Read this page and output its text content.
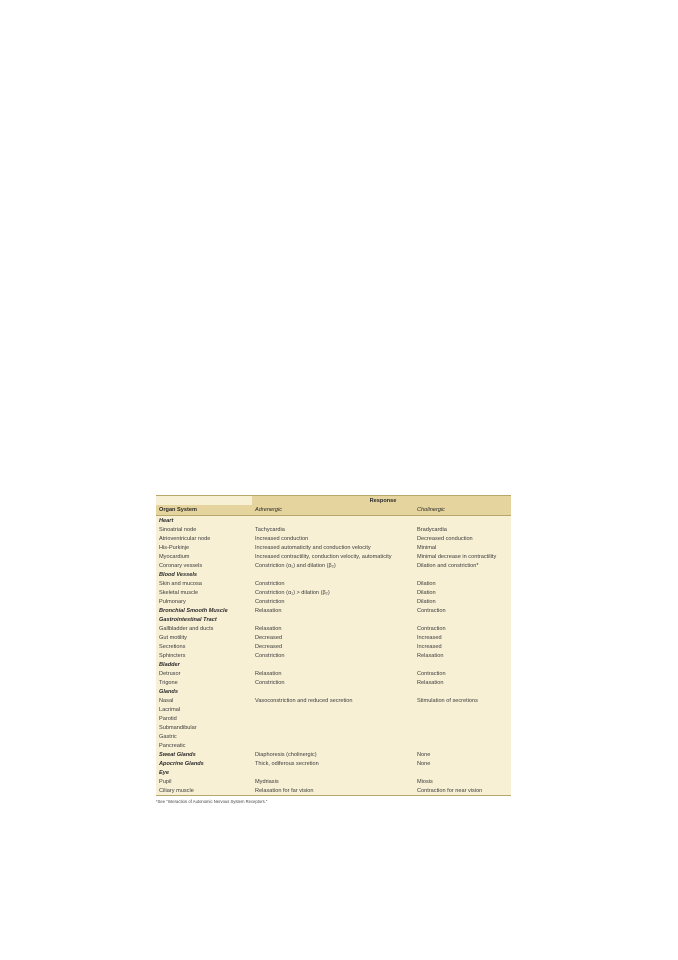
	Response	
Organ System	Adrenergic	Cholinergic
Heart		
Sinoatrial node	Tachycardia	Bradycardia
Atrioventricular node	Increased conduction	Decreased conduction
His-Purkinje	Increased automaticity and conduction velocity	Minimal
Myocardium	Increased contractility, conduction velocity, automaticity	Minimal decrease in contractility
Coronary vessels	Constriction (α₁) and dilation (β₂)	Dilation and constriction*
Blood Vessels		
Skin and mucosa	Constriction	Dilation
Skeletal muscle	Constriction (α₁) > dilation (β₂)	Dilation
Pulmonary	Constriction	Dilation
Bronchial Smooth Muscle	Relaxation	Contraction
Gastrointestinal Tract		
Gallbladder and ducts	Relaxation	Contraction
Gut motility	Decreased	Increased
Secretions	Decreased	Increased
Sphincters	Constriction	Relaxation
Bladder		
Detrusor	Relaxation	Contraction
Trigone	Constriction	Relaxation
Glands		
Nasal	Vasoconstriction and reduced secretion	Stimulation of secretions
Lacrimal		
Parotid		
Submandibular		
Gastric		
Pancreatic		
Sweat Glands	Diaphoresis (cholinergic)	None
Apocrine Glands	Thick, odiferous secretion	None
Eye		
Pupil	Mydriasis	Miosis
Ciliary muscle	Relaxation for far vision	Contraction for near vision
*See “Interaction of Autonomic Nervous System Receptors.”
